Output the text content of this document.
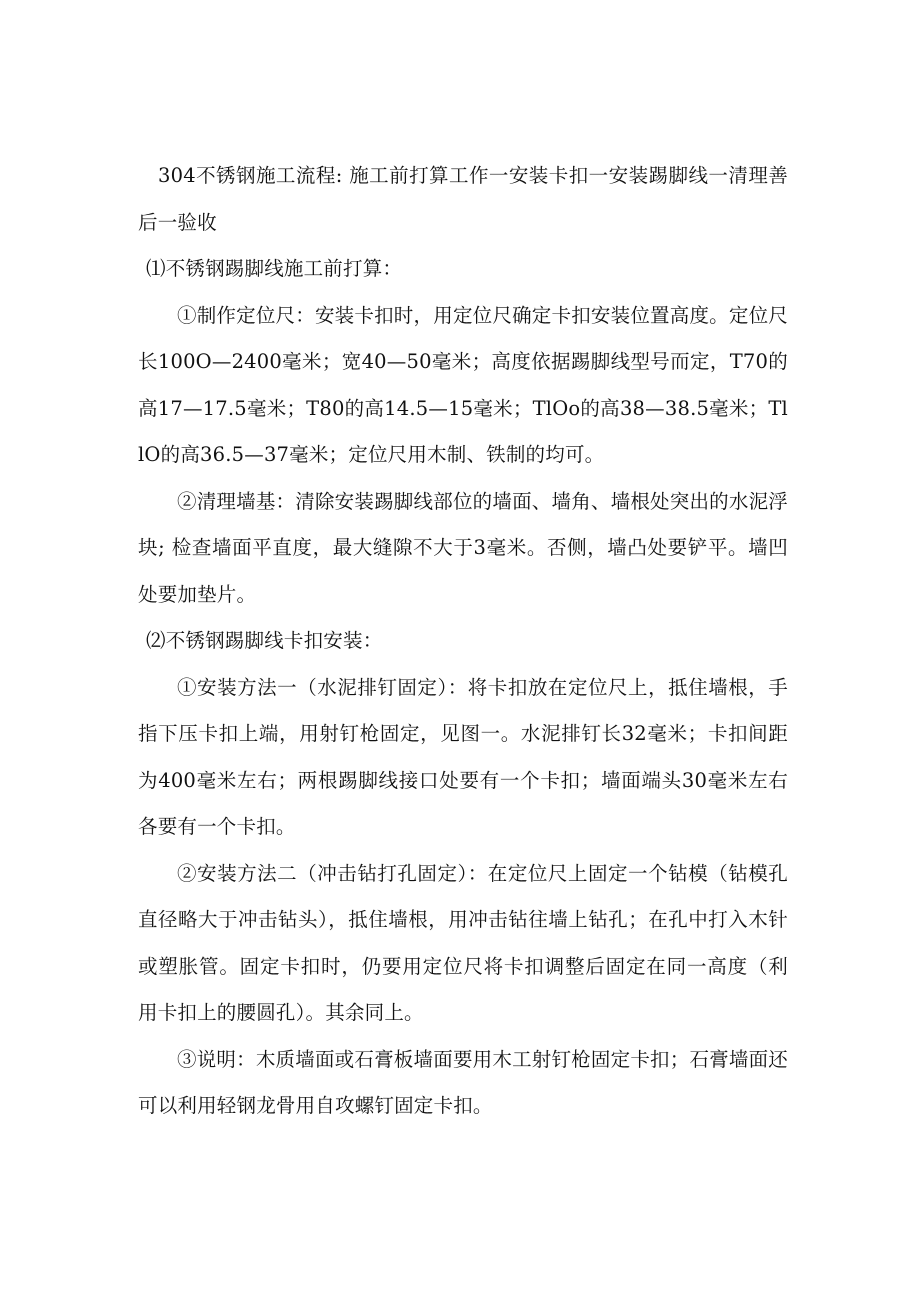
304不锈钢施工流程: 施工前打算工作一安装卡扣一安装踢脚线一清理善后一验收

⑴不锈钢踢脚线施工前打算：

①制作定位尺：安装卡扣时，用定位尺确定卡扣安装位置高度。定位尺长100O—2400毫米；宽40—50毫米；高度依据踢脚线型号而定，T70的高17—17.5毫米；T80的高14.5—15毫米；TlOo的高38—38.5毫米；TllO的高36.5—37毫米；定位尺用木制、铁制的均可。

②清理墙基：清除安装踢脚线部位的墙面、墙角、墙根处突出的水泥浮块; 检查墙面平直度，最大缝隙不大于3毫米。否侧，墙凸处要铲平。墙凹处要加垫片。

⑵不锈钢踢脚线卡扣安装：

①安装方法一（水泥排钉固定）：将卡扣放在定位尺上，抵住墙根，手指下压卡扣上端，用射钉枪固定，见图一。水泥排钉长32毫米；卡扣间距为400毫米左右；两根踢脚线接口处要有一个卡扣；墙面端头30毫米左右各要有一个卡扣。

②安装方法二（冲击钻打孔固定）：在定位尺上固定一个钻模（钻模孔直径略大于冲击钻头），抵住墙根，用冲击钻往墙上钻孔；在孔中打入木针或塑胀管。固定卡扣时，仍要用定位尺将卡扣调整后固定在同一高度（利用卡扣上的腰圆孔）。其余同上。

③说明：木质墙面或石膏板墙面要用木工射钉枪固定卡扣；石膏墙面还可以利用轻钢龙骨用自攻螺钉固定卡扣。
